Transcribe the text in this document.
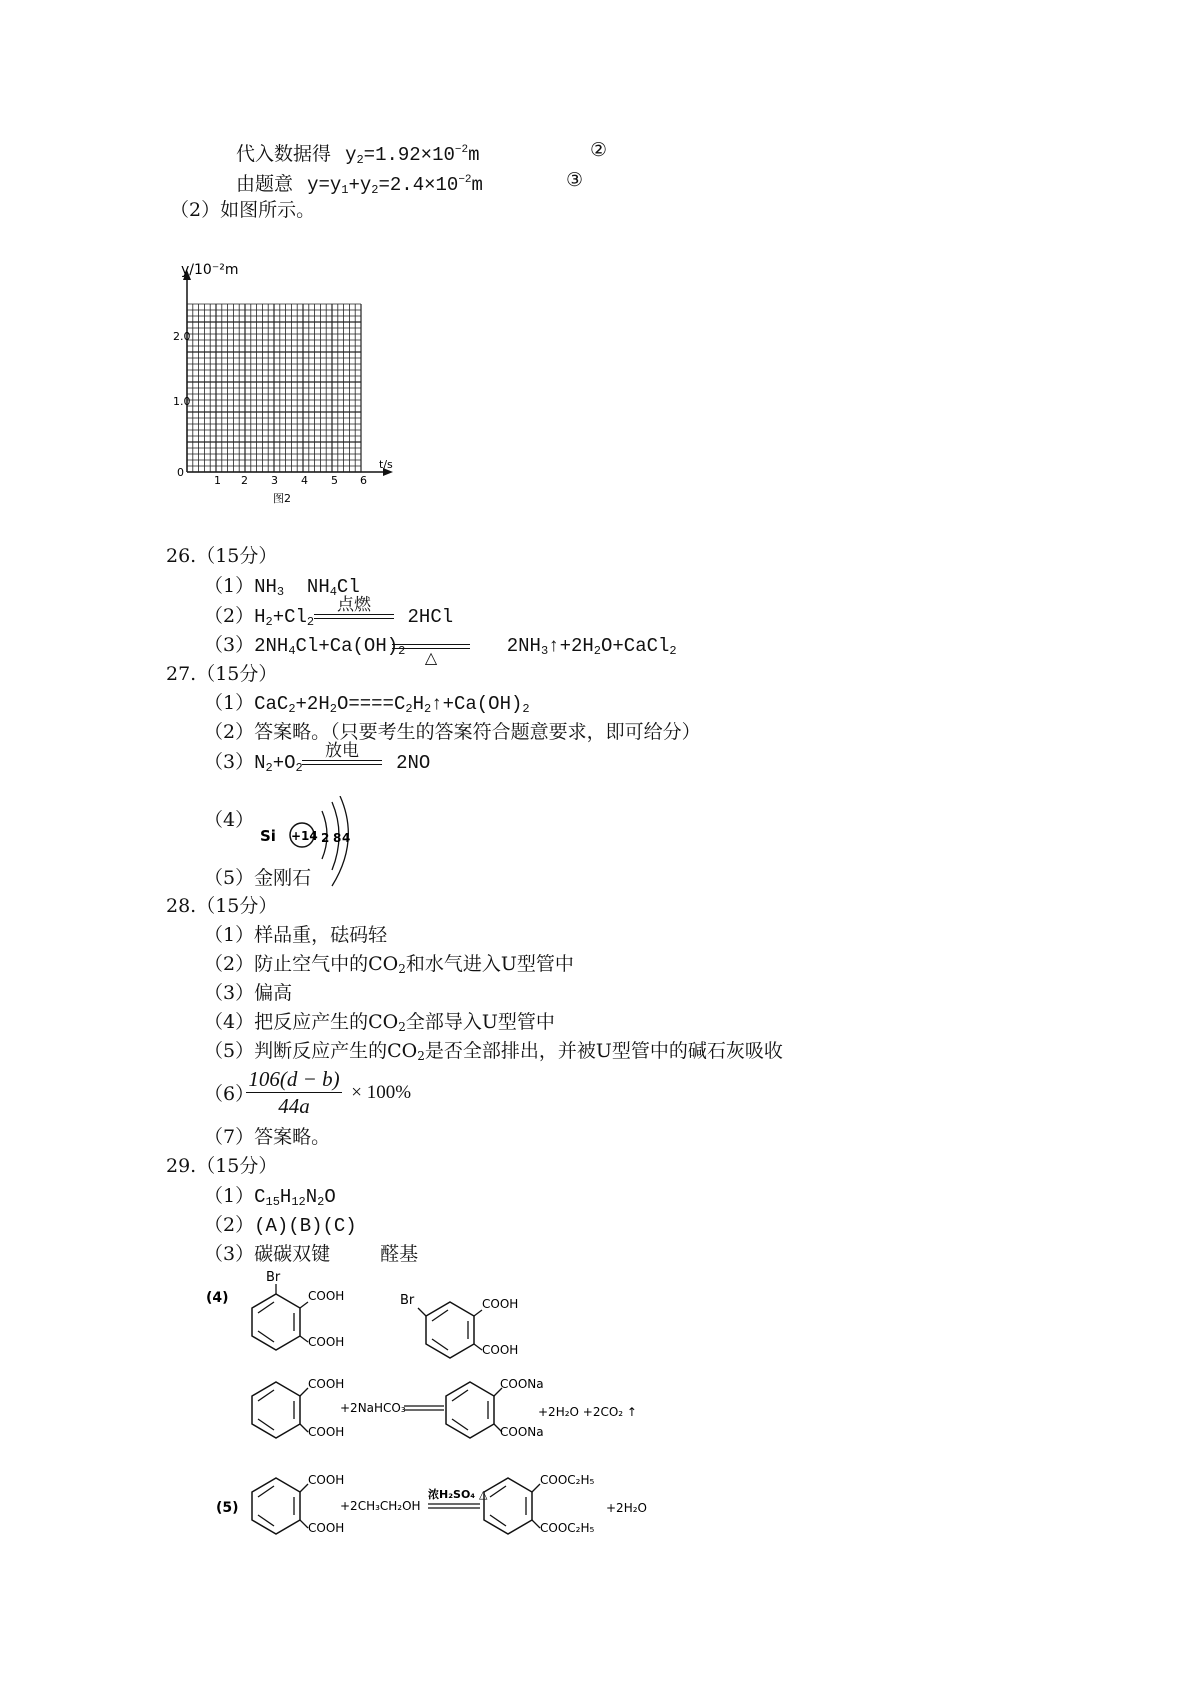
代入数据得 $y_2=1.92\times 10^{-2}m$	②
由题意 $y=y_1+y_2=2.4\times 10^{-2}m$	③
（2）如图所示。
y/10⁻²m
t/s
2.0
1.0
0
1 2 3 4 5 6
图2
26.（15分）
$(1)NH_3$  $NH_4Cl$
$(2)H_2+Cl_2$	2HCl
点燃
$(3)2NH_4Cl+Ca(OH)_2$	$2NH_3↑+2H_2O+CaCl_2$
△
27.（15分）
$(1)CaC_2+2H_2O====C_2H_2↑+Ca(OH)_2$
（2）答案略。（只要考生的答案符合题意要求，即可给分）
$(3)N_2+O_2$	2NO
放电
（4）
Si +14 2 8 4
（5）金刚石
28.（15分）
（1）样品重，砝码轻
（2）防止空气中的$CO_2$和水气进入U型管中
（3）偏高
（4）把反应产生的$CO_2$全部导入U型管中
（5）判断反应产生的$CO_2$是否全部排出，并被U型管中的碱石灰吸收
（6）
$\frac{106(d - b)}{44a} \times 100\%$
（7）答案略。
29.（15分）
$(1)C_{15}H_{12}N_2O$
（2）(A)(B)(C)
（3）碳碳双键	醛基
(4)
Br
COOH
COOH
Br	COOH
COOH
COOH
COOH
+2NaHCO₃
COONa
COONa
+2H₂O +2CO₂ ↑
(5)
COOH
COOH
+2CH₃CH₂OH
浓H₂SO₄ △
COOC₂H₅
COOC₂H₅
+2H₂O
